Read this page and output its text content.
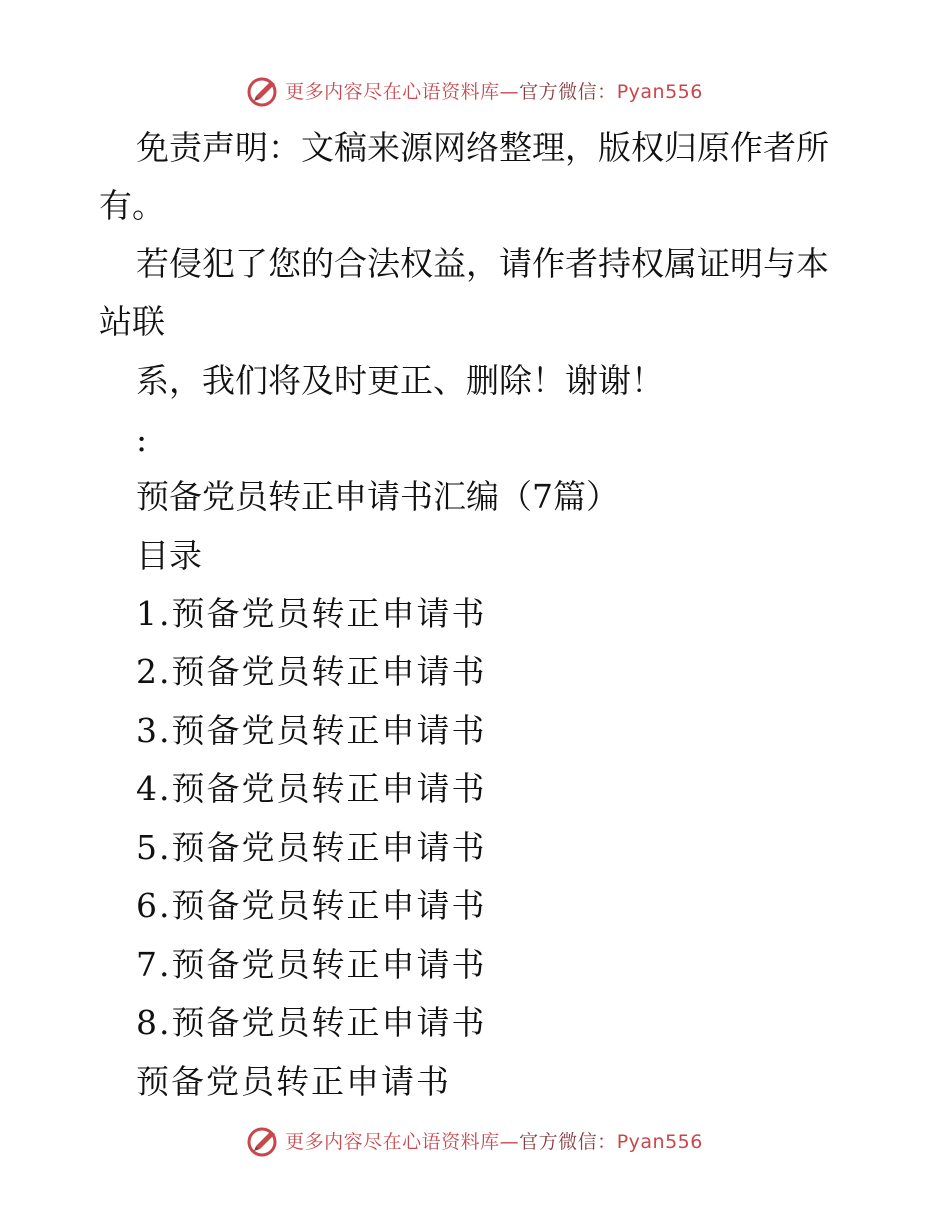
更多内容尽在心语资料库—官方微信：Pyan556
免责声明：文稿来源网络整理，版权归原作者所
有。
若侵犯了您的合法权益，请作者持权属证明与本
站联
系，我们将及时更正、删除！谢谢！
:
预备党员转正申请书汇编（7篇）
目录
1.预备党员转正申请书
2.预备党员转正申请书
3.预备党员转正申请书
4.预备党员转正申请书
5.预备党员转正申请书
6.预备党员转正申请书
7.预备党员转正申请书
8.预备党员转正申请书
预备党员转正申请书
更多内容尽在心语资料库—官方微信：Pyan556
